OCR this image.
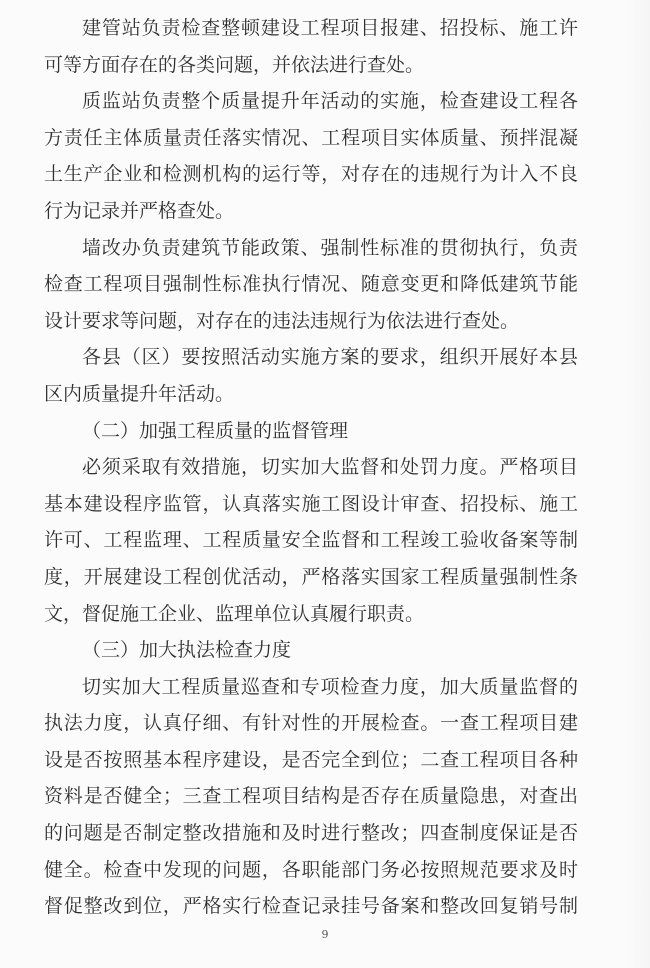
建管站负责检查整顿建设工程项目报建、招投标、施工许
可等方面存在的各类问题，并依法进行查处。
质监站负责整个质量提升年活动的实施，检查建设工程各
方责任主体质量责任落实情况、工程项目实体质量、预拌混凝
土生产企业和检测机构的运行等，对存在的违规行为计入不良
行为记录并严格查处。
墙改办负责建筑节能政策、强制性标准的贯彻执行，负责
检查工程项目强制性标准执行情况、随意变更和降低建筑节能
设计要求等问题，对存在的违法违规行为依法进行查处。
各县（区）要按照活动实施方案的要求，组织开展好本县
区内质量提升年活动。
（二）加强工程质量的监督管理
必须采取有效措施，切实加大监督和处罚力度。严格项目
基本建设程序监管，认真落实施工图设计审查、招投标、施工
许可、工程监理、工程质量安全监督和工程竣工验收备案等制
度，开展建设工程创优活动，严格落实国家工程质量强制性条
文，督促施工企业、监理单位认真履行职责。
（三）加大执法检查力度
切实加大工程质量巡查和专项检查力度，加大质量监督的
执法力度，认真仔细、有针对性的开展检查。一查工程项目建
设是否按照基本程序建设，是否完全到位；二查工程项目各种
资料是否健全；三查工程项目结构是否存在质量隐患，对查出
的问题是否制定整改措施和及时进行整改；四查制度保证是否
健全。检查中发现的问题，各职能部门务必按照规范要求及时
督促整改到位，严格实行检查记录挂号备案和整改回复销号制
9
